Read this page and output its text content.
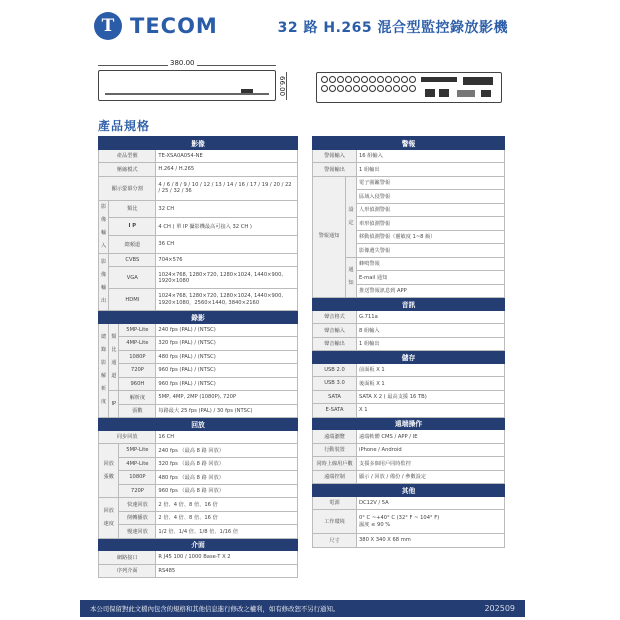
T TECOM	32 路 H.265 混合型監控錄放影機
380.00
66.00
產品規格
影像			
產品型號			TE-XSA0A054-NE
壓縮模式			H.264 / H.265
顯示螢幕分割			4 / 6 / 8 / 9 / 10 / 12 / 13 / 14 / 16 / 17 / 19 / 20 / 22
/ 25 / 32 / 36

影像輸入	類比		32 CH
	I P		4 CH ( 單 IP 攝影機最高可接入 32 CH )
	總頻道		36 CH
影像輸出	CVBS		704×576
	VGA		1024×768, 1280×720, 1280×1024, 1440×900,
1920×1080

	HDMI		1024×768, 1280×720, 1280×1024, 1440×900,
1920×1080，2560×1440, 3840×2160

錄影			
總錄影解析度	類比通道	5MP-Lite	240 fps (PAL) / (NTSC)
		4MP-Lite	320 fps (PAL) / (NTSC)
		1080P	480 fps (PAL) / (NTSC)
		720P	960 fps (PAL) / (NTSC)
		960H	960 fps (PAL) / (NTSC)
	IP	解析度	5MP, 4MP, 2MP (1080P), 720P
		張數	每路最大 25 fps (PAL) / 30 fps (NTSC)
回放			
同步回放			16 CH
回放張數		5MP-Lite	240 fps （最高 8 路 回放）
		4MP-Lite	320 fps （最高 8 路 回放）
		1080P	480 fps （最高 8 路 回放）
		720P	960 fps （最高 8 路 回放）
回放速度		快速回放	2 倍、4 倍、8 倍、16 倍
		倒轉播放	2 倍、4 倍、8 倍、16 倍
		慢速回放	1/2 倍、1/4 倍、1/8 倍、1/16 倍
介面			
網路接口			R J45 100 / 1000 Base-T X 2
序列介面			RS485
警報		
警報輸入		16 組輸入
警報輸出		1 組輸出
警報通知	設定	電子圍籬警報
		區域入侵警報
		人形偵測警報
		車形偵測警報
		移動偵測警報（靈敏度 1~8 級）
		影像遺失警報
	通知	蜂鳴警報
		E-mail 通知
		推送警報訊息到 APP
音訊		
聲音格式		G.711a
聲音輸入		8 組輸入
聲音輸出		1 組輸出
儲存		
USB 2.0		前面板 X 1
USB 3.0		後面板 X 1
SATA		SATA X 2 ( 最高支援 16 TB)
E-SATA		X 1
遠端操作		
遠端瀏覽		遠端軟體 CMS / APP / IE
行動裝置		iPhone / Android
同時上線用戶數		支援多個用戶同時監控
遠端控制		顯示 / 回放 / 備份 / 參數設定
其他		
電源		DC12V / 5A
工作環境		0° C ~+40° C (32° F ~ 104° F)
濕度 ≤ 90 %

尺寸		380 X 340 X 68 mm
本公司保留對此文檔內包含的規格和其他信息進行修改之權利，如有修改恕不另行通知。	202509
